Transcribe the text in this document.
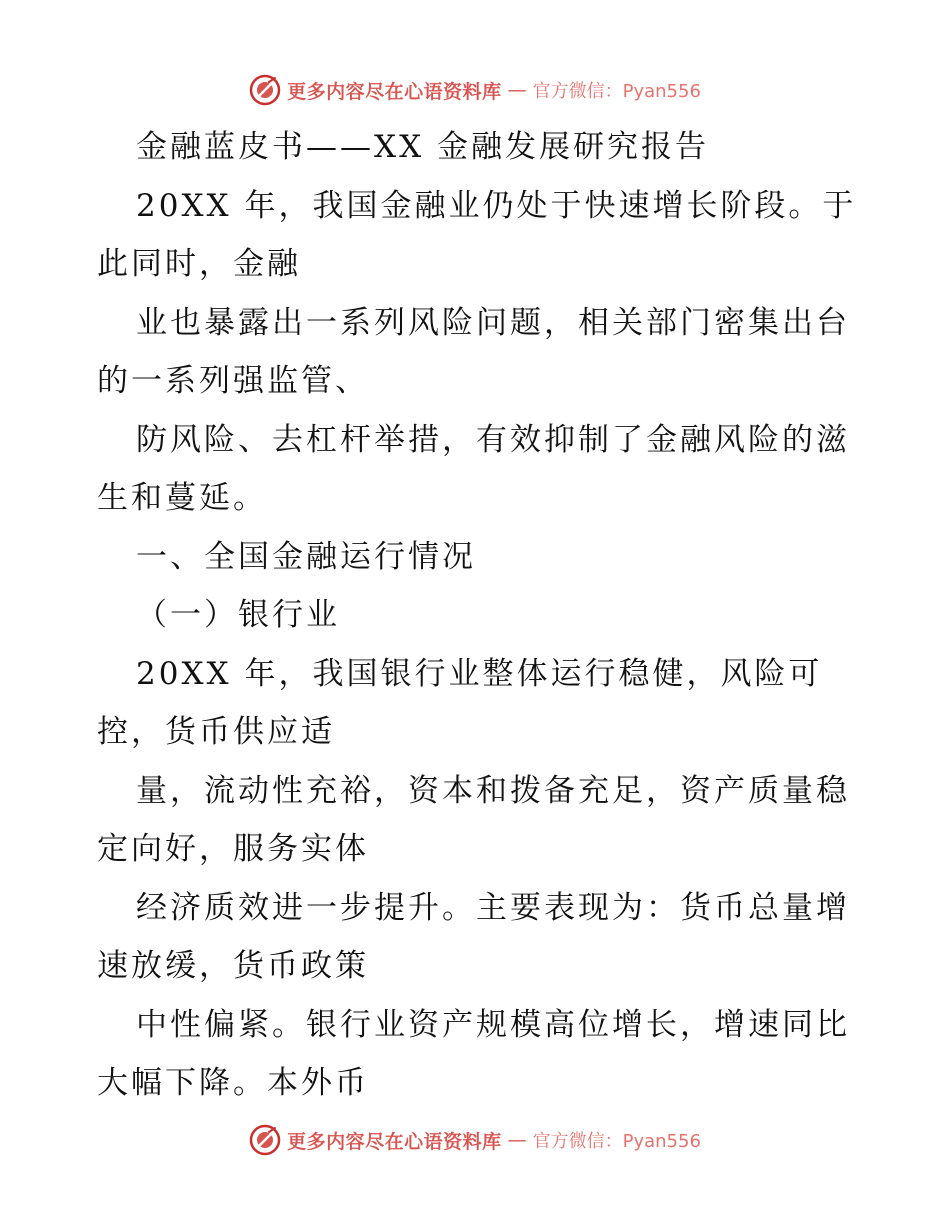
更多内容尽在心语资料库 — 官方微信：Pyan556
金融蓝皮书——XX 金融发展研究报告
20XX 年，我国金融业仍处于快速增长阶段。于
此同时，金融
业也暴露出一系列风险问题，相关部门密集出台
的一系列强监管、
防风险、去杠杆举措，有效抑制了金融风险的滋
生和蔓延。
一、全国金融运行情况
（一）银行业
20XX 年，我国银行业整体运行稳健，风险可
控，货币供应适
量，流动性充裕，资本和拨备充足，资产质量稳
定向好，服务实体
经济质效进一步提升。主要表现为：货币总量增
速放缓，货币政策
中性偏紧。银行业资产规模高位增长，增速同比
大幅下降。本外币
更多内容尽在心语资料库 — 官方微信：Pyan556
